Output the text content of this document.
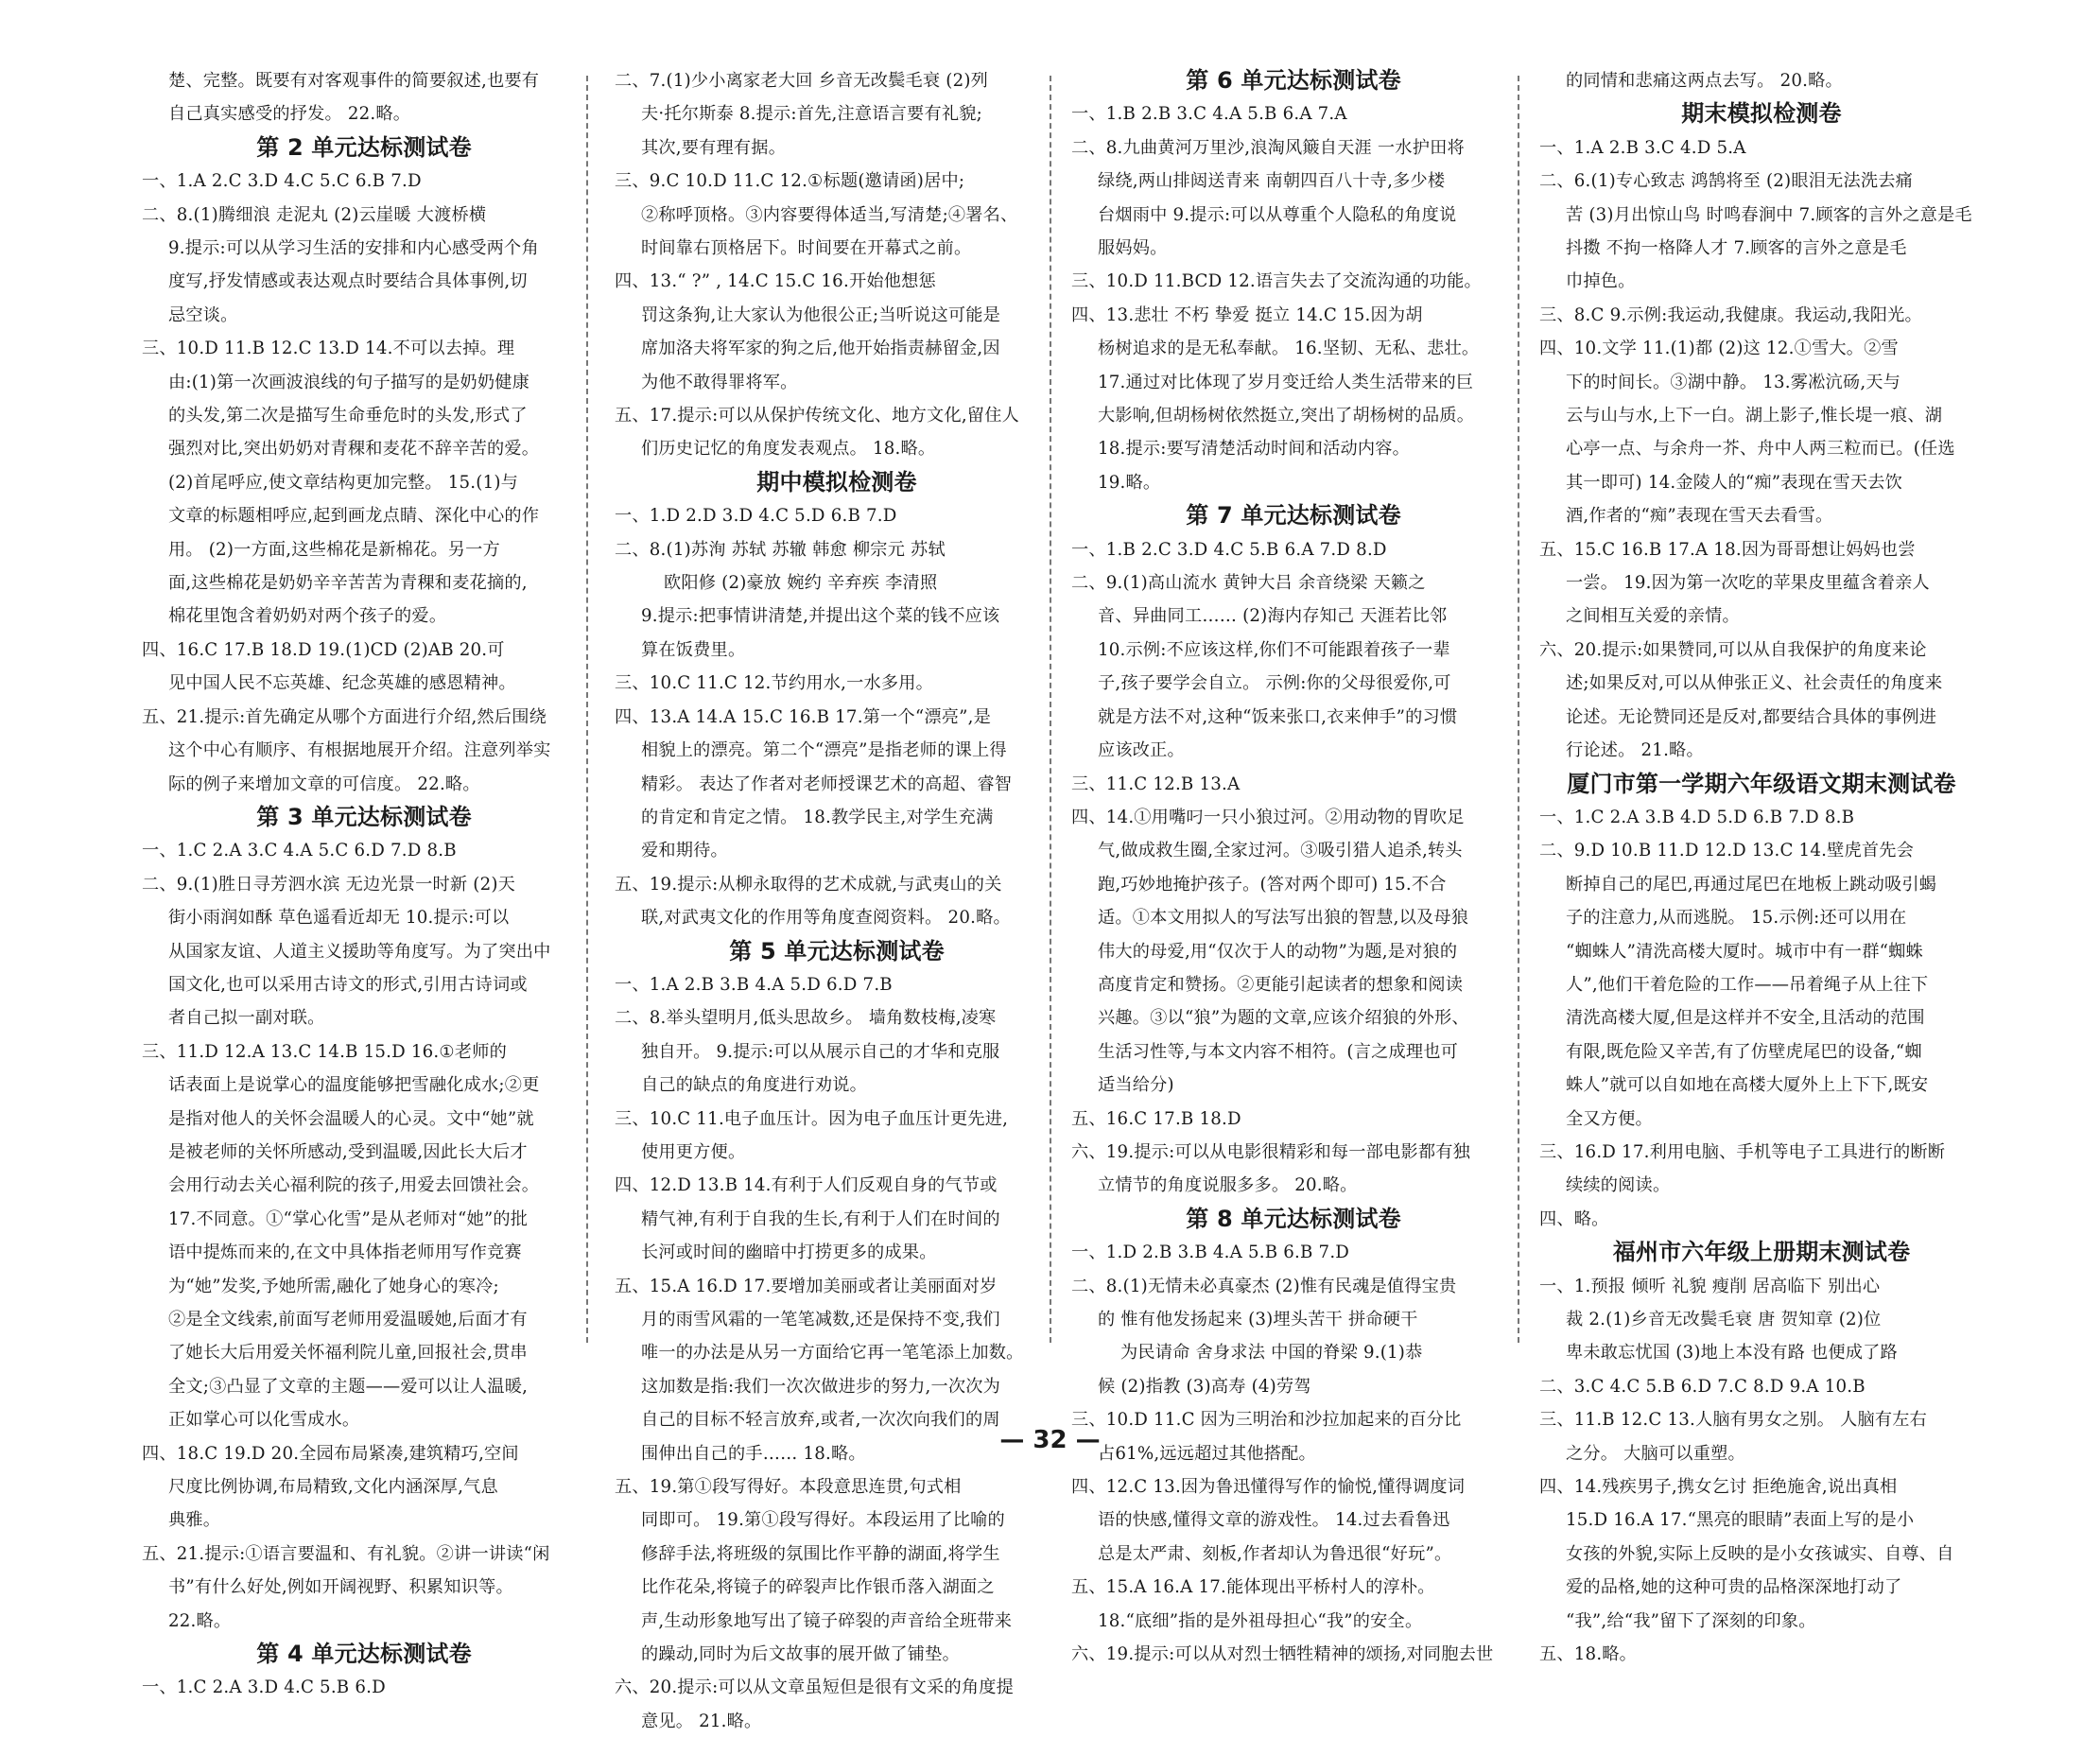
楚、完整。既要有对客观事件的简要叙述,也要有
自己真实感受的抒发。 22.略。
第 2 单元达标测试卷
一、1.A 2.C 3.D 4.C 5.C 6.B 7.D
二、8.(1)腾细浪 走泥丸 (2)云崖暖 大渡桥横
9.提示:可以从学习生活的安排和内心感受两个角
度写,抒发情感或表达观点时要结合具体事例,切
忌空谈。
三、10.D 11.B 12.C 13.D 14.不可以去掉。理
由:(1)第一次画波浪线的句子描写的是奶奶健康
的头发,第二次是描写生命垂危时的头发,形式了
强烈对比,突出奶奶对青稞和麦花不辞辛苦的爱。
(2)首尾呼应,使文章结构更加完整。 15.(1)与
文章的标题相呼应,起到画龙点睛、深化中心的作
用。 (2)一方面,这些棉花是新棉花。另一方
面,这些棉花是奶奶辛辛苦苦为青稞和麦花摘的,
棉花里饱含着奶奶对两个孩子的爱。
四、16.C 17.B 18.D 19.(1)CD (2)AB 20.可
见中国人民不忘英雄、纪念英雄的感恩精神。
五、21.提示:首先确定从哪个方面进行介绍,然后围绕
这个中心有顺序、有根据地展开介绍。注意列举实
际的例子来增加文章的可信度。 22.略。
第 3 单元达标测试卷
一、1.C 2.A 3.C 4.A 5.C 6.D 7.D 8.B
二、9.(1)胜日寻芳泗水滨 无边光景一时新 (2)天
街小雨润如酥 草色遥看近却无 10.提示:可以
从国家友谊、人道主义援助等角度写。为了突出中
国文化,也可以采用古诗文的形式,引用古诗词或
者自己拟一副对联。
三、11.D 12.A 13.C 14.B 15.D 16.①老师的
话表面上是说掌心的温度能够把雪融化成水;②更
是指对他人的关怀会温暖人的心灵。文中“她”就
是被老师的关怀所感动,受到温暖,因此长大后才
会用行动去关心福利院的孩子,用爱去回馈社会。
17.不同意。①“掌心化雪”是从老师对“她”的批
语中提炼而来的,在文中具体指老师用写作竞赛
为“她”发奖,予她所需,融化了她身心的寒冷;
②是全文线索,前面写老师用爱温暖她,后面才有
了她长大后用爱关怀福利院儿童,回报社会,贯串
全文;③凸显了文章的主题——爱可以让人温暖,
正如掌心可以化雪成水。
四、18.C 19.D 20.全园布局紧凑,建筑精巧,空间
尺度比例协调,布局精致,文化内涵深厚,气息
典雅。
五、21.提示:①语言要温和、有礼貌。②讲一讲读“闲
书”有什么好处,例如开阔视野、积累知识等。
22.略。
第 4 单元达标测试卷
一、1.C 2.A 3.D 4.C 5.B 6.D
二、7.(1)少小离家老大回 乡音无改鬓毛衰 (2)列
夫·托尔斯泰 8.提示:首先,注意语言要有礼貌;
其次,要有理有据。
三、9.C 10.D 11.C 12.①标题(邀请函)居中;
②称呼顶格。③内容要得体适当,写清楚;④署名、
时间靠右顶格居下。时间要在开幕式之前。
四、13.“ ?” , 14.C 15.C 16.开始他想惩
罚这条狗,让大家认为他很公正;当听说这可能是
席加洛夫将军家的狗之后,他开始指责赫留金,因
为他不敢得罪将军。
五、17.提示:可以从保护传统文化、地方文化,留住人
们历史记忆的角度发表观点。 18.略。
期中模拟检测卷
一、1.D 2.D 3.D 4.C 5.D 6.B 7.D
二、8.(1)苏洵 苏轼 苏辙 韩愈 柳宗元 苏轼
欧阳修 (2)豪放 婉约 辛弃疾 李清照
9.提示:把事情讲清楚,并提出这个菜的钱不应该
算在饭费里。
三、10.C 11.C 12.节约用水,一水多用。
四、13.A 14.A 15.C 16.B 17.第一个“漂亮”,是
相貌上的漂亮。第二个“漂亮”是指老师的课上得
精彩。 表达了作者对老师授课艺术的高超、睿智
的肯定和肯定之情。 18.教学民主,对学生充满
爱和期待。
五、19.提示:从柳永取得的艺术成就,与武夷山的关
联,对武夷文化的作用等角度查阅资料。 20.略。
第 5 单元达标测试卷
一、1.A 2.B 3.B 4.A 5.D 6.D 7.B
二、8.举头望明月,低头思故乡。 墙角数枝梅,凌寒
独自开。 9.提示:可以从展示自己的才华和克服
自己的缺点的角度进行劝说。
三、10.C 11.电子血压计。因为电子血压计更先进,
使用更方便。
四、12.D 13.B 14.有利于人们反观自身的气节或
精气神,有利于自我的生长,有利于人们在时间的
长河或时间的幽暗中打捞更多的成果。
五、15.A 16.D 17.要增加美丽或者让美丽面对岁
月的雨雪风霜的一笔笔减数,还是保持不变,我们
唯一的办法是从另一方面给它再一笔笔添上加数。
这加数是指:我们一次次做进步的努力,一次次为
自己的目标不轻言放弃,或者,一次次向我们的周
围伸出自己的手…… 18.略。
五、19.第①段写得好。本段意思连贯,句式相
同即可。 19.第①段写得好。本段运用了比喻的
修辞手法,将班级的氛围比作平静的湖面,将学生
比作花朵,将镜子的碎裂声比作银币落入湖面之
声,生动形象地写出了镜子碎裂的声音给全班带来
的躁动,同时为后文故事的展开做了铺垫。
六、20.提示:可以从文章虽短但是很有文采的角度提
意见。 21.略。
第 6 单元达标测试卷
一、1.B 2.B 3.C 4.A 5.B 6.A 7.A
二、8.九曲黄河万里沙,浪淘风簸自天涯 一水护田将
绿绕,两山排闼送青来 南朝四百八十寺,多少楼
台烟雨中 9.提示:可以从尊重个人隐私的角度说
服妈妈。
三、10.D 11.BCD 12.语言失去了交流沟通的功能。
四、13.悲壮 不朽 挚爱 挺立 14.C 15.因为胡
杨树追求的是无私奉献。 16.坚韧、无私、悲壮。
17.通过对比体现了岁月变迁给人类生活带来的巨
大影响,但胡杨树依然挺立,突出了胡杨树的品质。
18.提示:要写清楚活动时间和活动内容。
19.略。
第 7 单元达标测试卷
一、1.B 2.C 3.D 4.C 5.B 6.A 7.D 8.D
二、9.(1)高山流水 黄钟大吕 余音绕梁 天籁之
音、异曲同工…… (2)海内存知己 天涯若比邻
10.示例:不应该这样,你们不可能跟着孩子一辈
子,孩子要学会自立。 示例:你的父母很爱你,可
就是方法不对,这种“饭来张口,衣来伸手”的习惯
应该改正。
三、11.C 12.B 13.A
四、14.①用嘴叼一只小狼过河。②用动物的胃吹足
气,做成救生圈,全家过河。③吸引猎人追杀,转头
跑,巧妙地掩护孩子。(答对两个即可) 15.不合
适。①本文用拟人的写法写出狼的智慧,以及母狼
伟大的母爱,用“仅次于人的动物”为题,是对狼的
高度肯定和赞扬。②更能引起读者的想象和阅读
兴趣。③以“狼”为题的文章,应该介绍狼的外形、
生活习性等,与本文内容不相符。(言之成理也可
适当给分)
五、16.C 17.B 18.D
六、19.提示:可以从电影很精彩和每一部电影都有独
立情节的角度说服多多。 20.略。
第 8 单元达标测试卷
一、1.D 2.B 3.B 4.A 5.B 6.B 7.D
二、8.(1)无情未必真豪杰 (2)惟有民魂是值得宝贵
的 惟有他发扬起来 (3)埋头苦干 拼命硬干
为民请命 舍身求法 中国的脊梁 9.(1)恭
候 (2)指教 (3)高寿 (4)劳驾
三、10.D 11.C 因为三明治和沙拉加起来的百分比
占61%,远远超过其他搭配。
四、12.C 13.因为鲁迅懂得写作的愉悦,懂得调度词
语的快感,懂得文章的游戏性。 14.过去看鲁迅
总是太严肃、刻板,作者却认为鲁迅很“好玩”。
五、15.A 16.A 17.能体现出平桥村人的淳朴。
18.“底细”指的是外祖母担心“我”的安全。
六、19.提示:可以从对烈士牺牲精神的颂扬,对同胞去世
的同情和悲痛这两点去写。 20.略。
期末模拟检测卷
一、1.A 2.B 3.C 4.D 5.A
二、6.(1)专心致志 鸿鹄将至 (2)眼泪无法洗去痛
苦 (3)月出惊山鸟 时鸣春涧中 7.顾客的言外之意是毛
抖擞 不拘一格降人才 7.顾客的言外之意是毛
巾掉色。
三、8.C 9.示例:我运动,我健康。我运动,我阳光。
四、10.文学 11.(1)都 (2)这 12.①雪大。②雪
下的时间长。③湖中静。 13.雾凇沆砀,天与
云与山与水,上下一白。湖上影子,惟长堤一痕、湖
心亭一点、与余舟一芥、舟中人两三粒而已。(任选
其一即可) 14.金陵人的“痴”表现在雪天去饮
酒,作者的“痴”表现在雪天去看雪。
五、15.C 16.B 17.A 18.因为哥哥想让妈妈也尝
一尝。 19.因为第一次吃的苹果皮里蕴含着亲人
之间相互关爱的亲情。
六、20.提示:如果赞同,可以从自我保护的角度来论
述;如果反对,可以从伸张正义、社会责任的角度来
论述。无论赞同还是反对,都要结合具体的事例进
行论述。 21.略。
厦门市第一学期六年级语文期末测试卷
一、1.C 2.A 3.B 4.D 5.D 6.B 7.D 8.B
二、9.D 10.B 11.D 12.D 13.C 14.壁虎首先会
断掉自己的尾巴,再通过尾巴在地板上跳动吸引蝎
子的注意力,从而逃脱。 15.示例:还可以用在
“蜘蛛人”清洗高楼大厦时。城市中有一群“蜘蛛
人”,他们干着危险的工作——吊着绳子从上往下
清洗高楼大厦,但是这样并不安全,且活动的范围
有限,既危险又辛苦,有了仿壁虎尾巴的设备,“蜘
蛛人”就可以自如地在高楼大厦外上上下下,既安
全又方便。
三、16.D 17.利用电脑、手机等电子工具进行的断断
续续的阅读。
四、略。
福州市六年级上册期末测试卷
一、1.预报 倾听 礼貌 瘦削 居高临下 别出心
裁 2.(1)乡音无改鬓毛衰 唐 贺知章 (2)位
卑未敢忘忧国 (3)地上本没有路 也便成了路
二、3.C 4.C 5.B 6.D 7.C 8.D 9.A 10.B
三、11.B 12.C 13.人脑有男女之别。 人脑有左右
之分。 大脑可以重塑。
四、14.残疾男子,携女乞讨 拒绝施舍,说出真相
15.D 16.A 17.“黑亮的眼睛”表面上写的是小
女孩的外貌,实际上反映的是小女孩诚实、自尊、自
爱的品格,她的这种可贵的品格深深地打动了
“我”,给“我”留下了深刻的印象。
五、18.略。
— 32 —
